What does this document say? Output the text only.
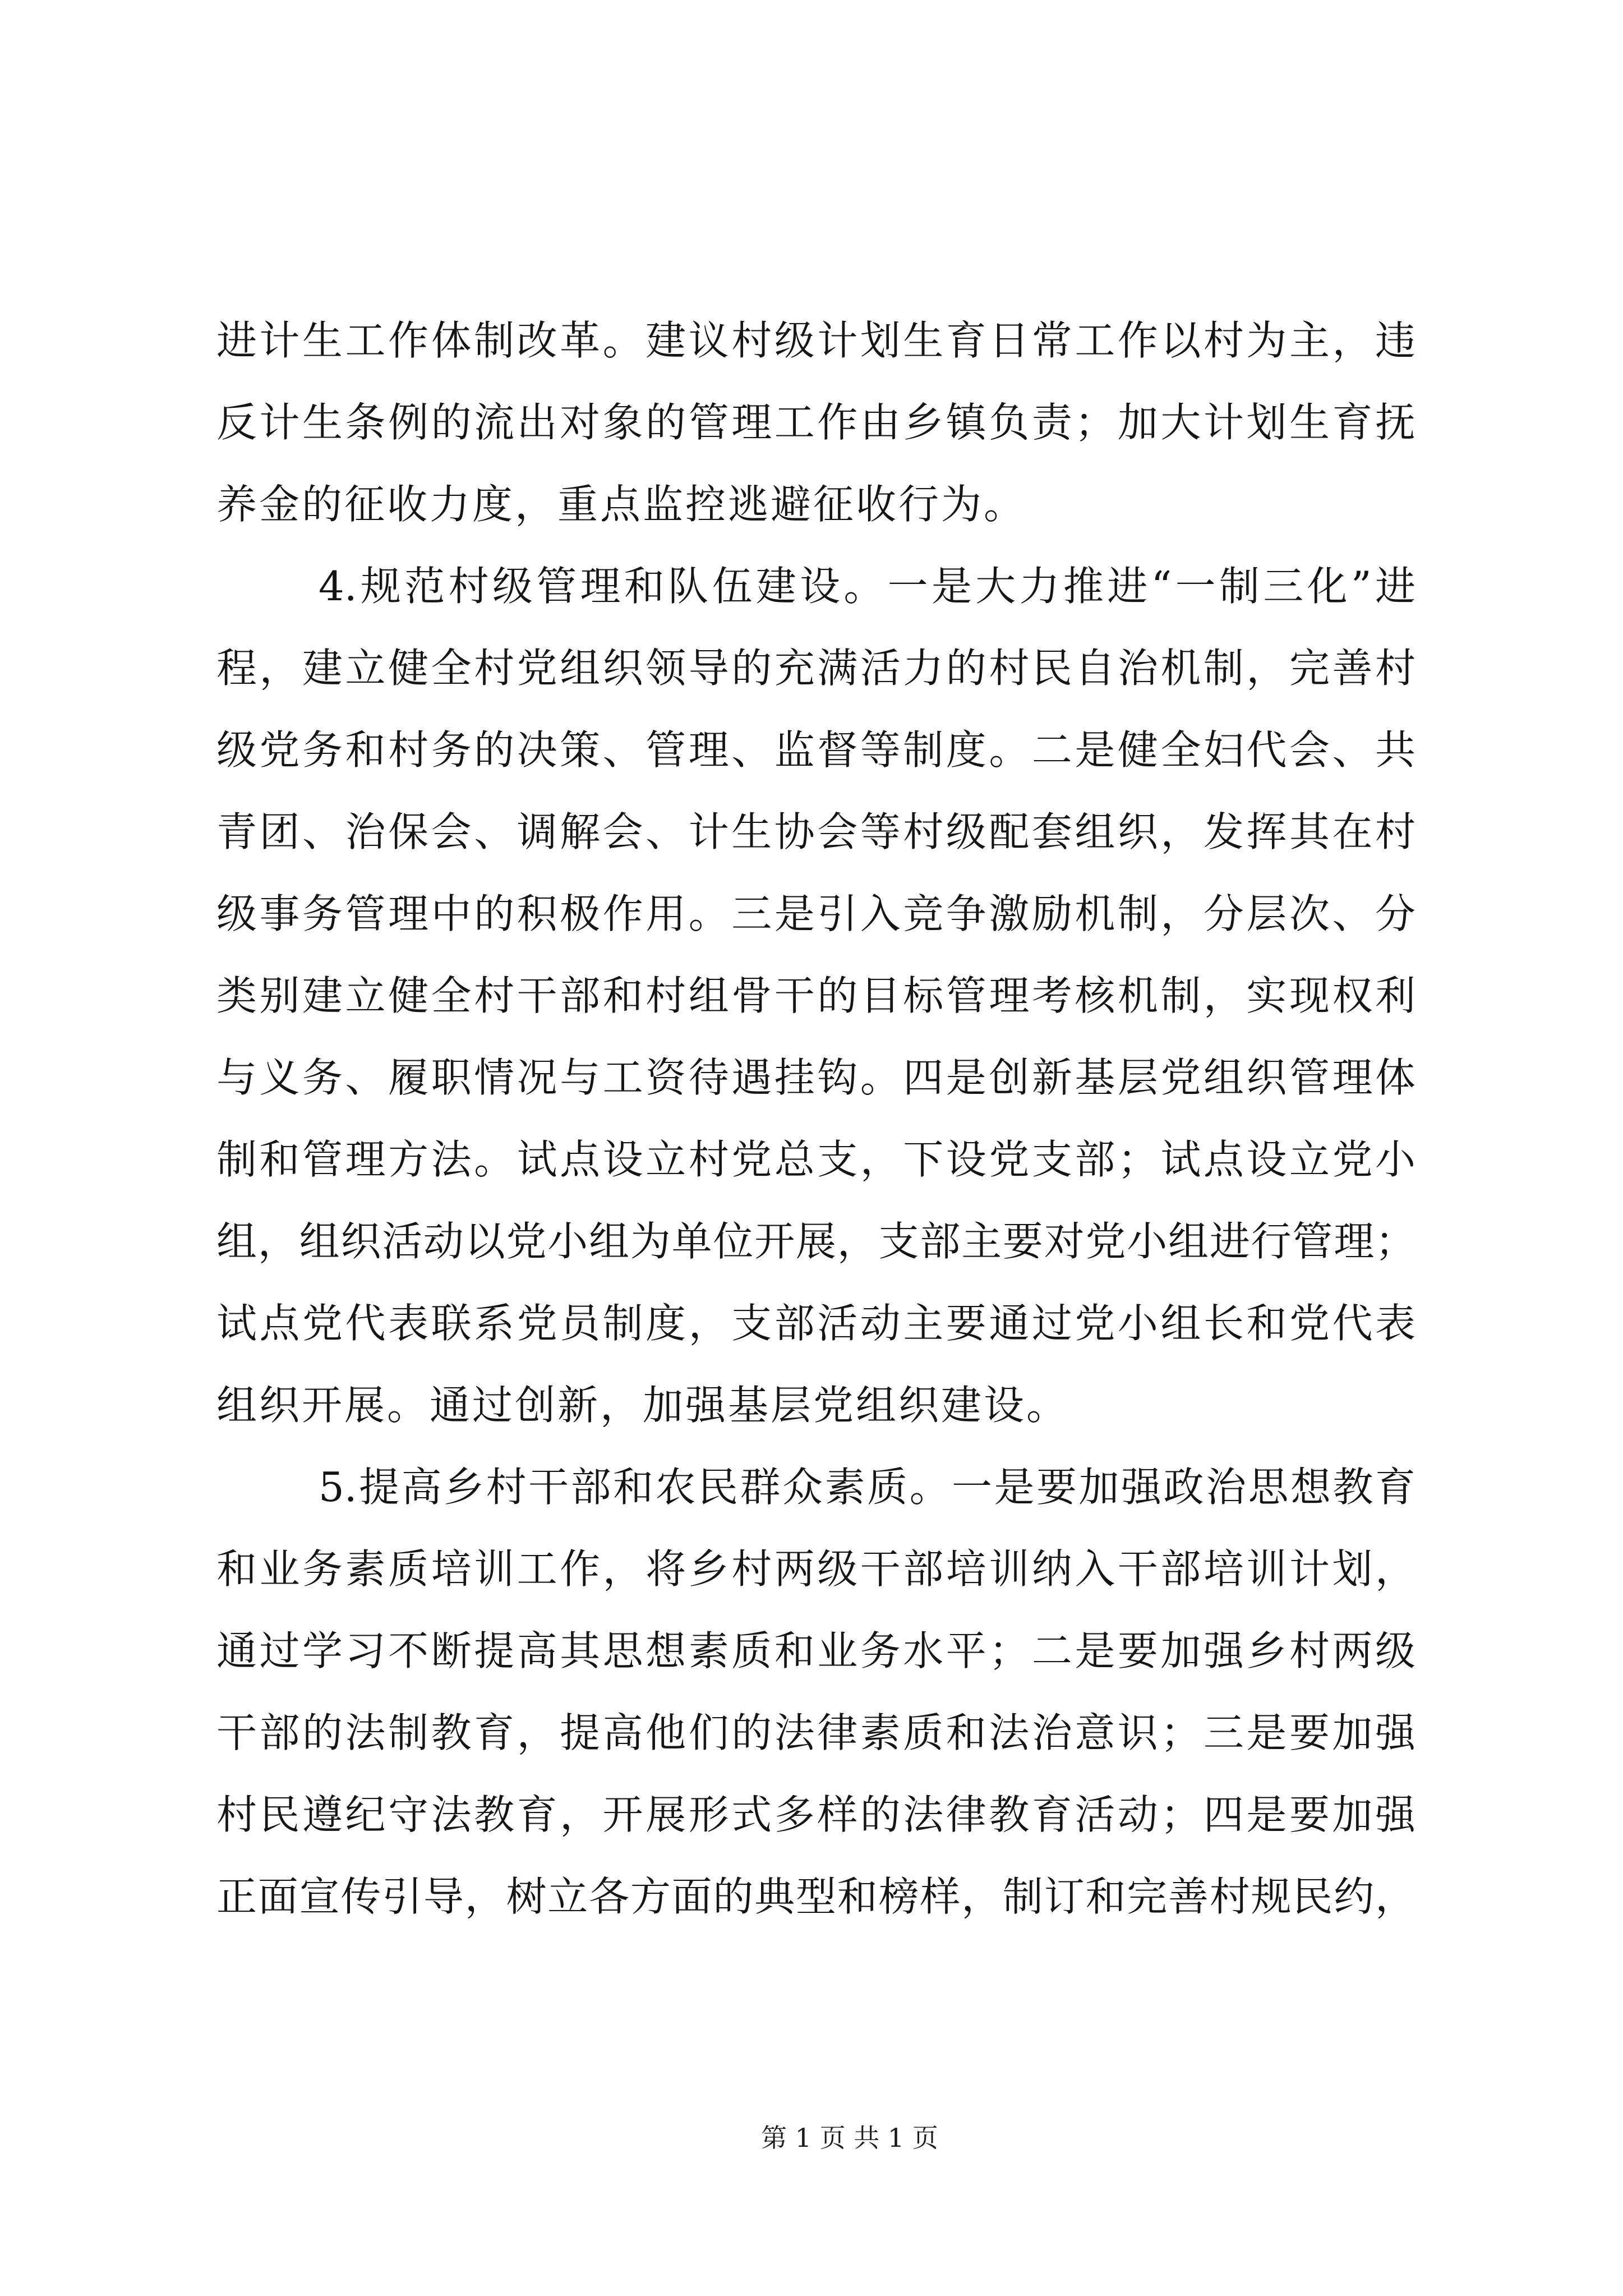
进计生工作体制改革。建议村级计划生育日常工作以村为主，违
反计生条例的流出对象的管理工作由乡镇负责；加大计划生育抚
养金的征收力度，重点监控逃避征收行为。
4.规范村级管理和队伍建设。一是大力推进“一制三化”进
程，建立健全村党组织领导的充满活力的村民自治机制，完善村
级党务和村务的决策、管理、监督等制度。二是健全妇代会、共
青团、治保会、调解会、计生协会等村级配套组织，发挥其在村
级事务管理中的积极作用。三是引入竞争激励机制，分层次、分
类别建立健全村干部和村组骨干的目标管理考核机制，实现权利
与义务、履职情况与工资待遇挂钩。四是创新基层党组织管理体
制和管理方法。试点设立村党总支，下设党支部；试点设立党小
组，组织活动以党小组为单位开展，支部主要对党小组进行管理；
试点党代表联系党员制度，支部活动主要通过党小组长和党代表
组织开展。通过创新，加强基层党组织建设。
5.提高乡村干部和农民群众素质。一是要加强政治思想教育
和业务素质培训工作，将乡村两级干部培训纳入干部培训计划，
通过学习不断提高其思想素质和业务水平；二是要加强乡村两级
干部的法制教育，提高他们的法律素质和法治意识；三是要加强
村民遵纪守法教育，开展形式多样的法律教育活动；四是要加强
正面宣传引导，树立各方面的典型和榜样，制订和完善村规民约，
第 1 页 共 1 页
